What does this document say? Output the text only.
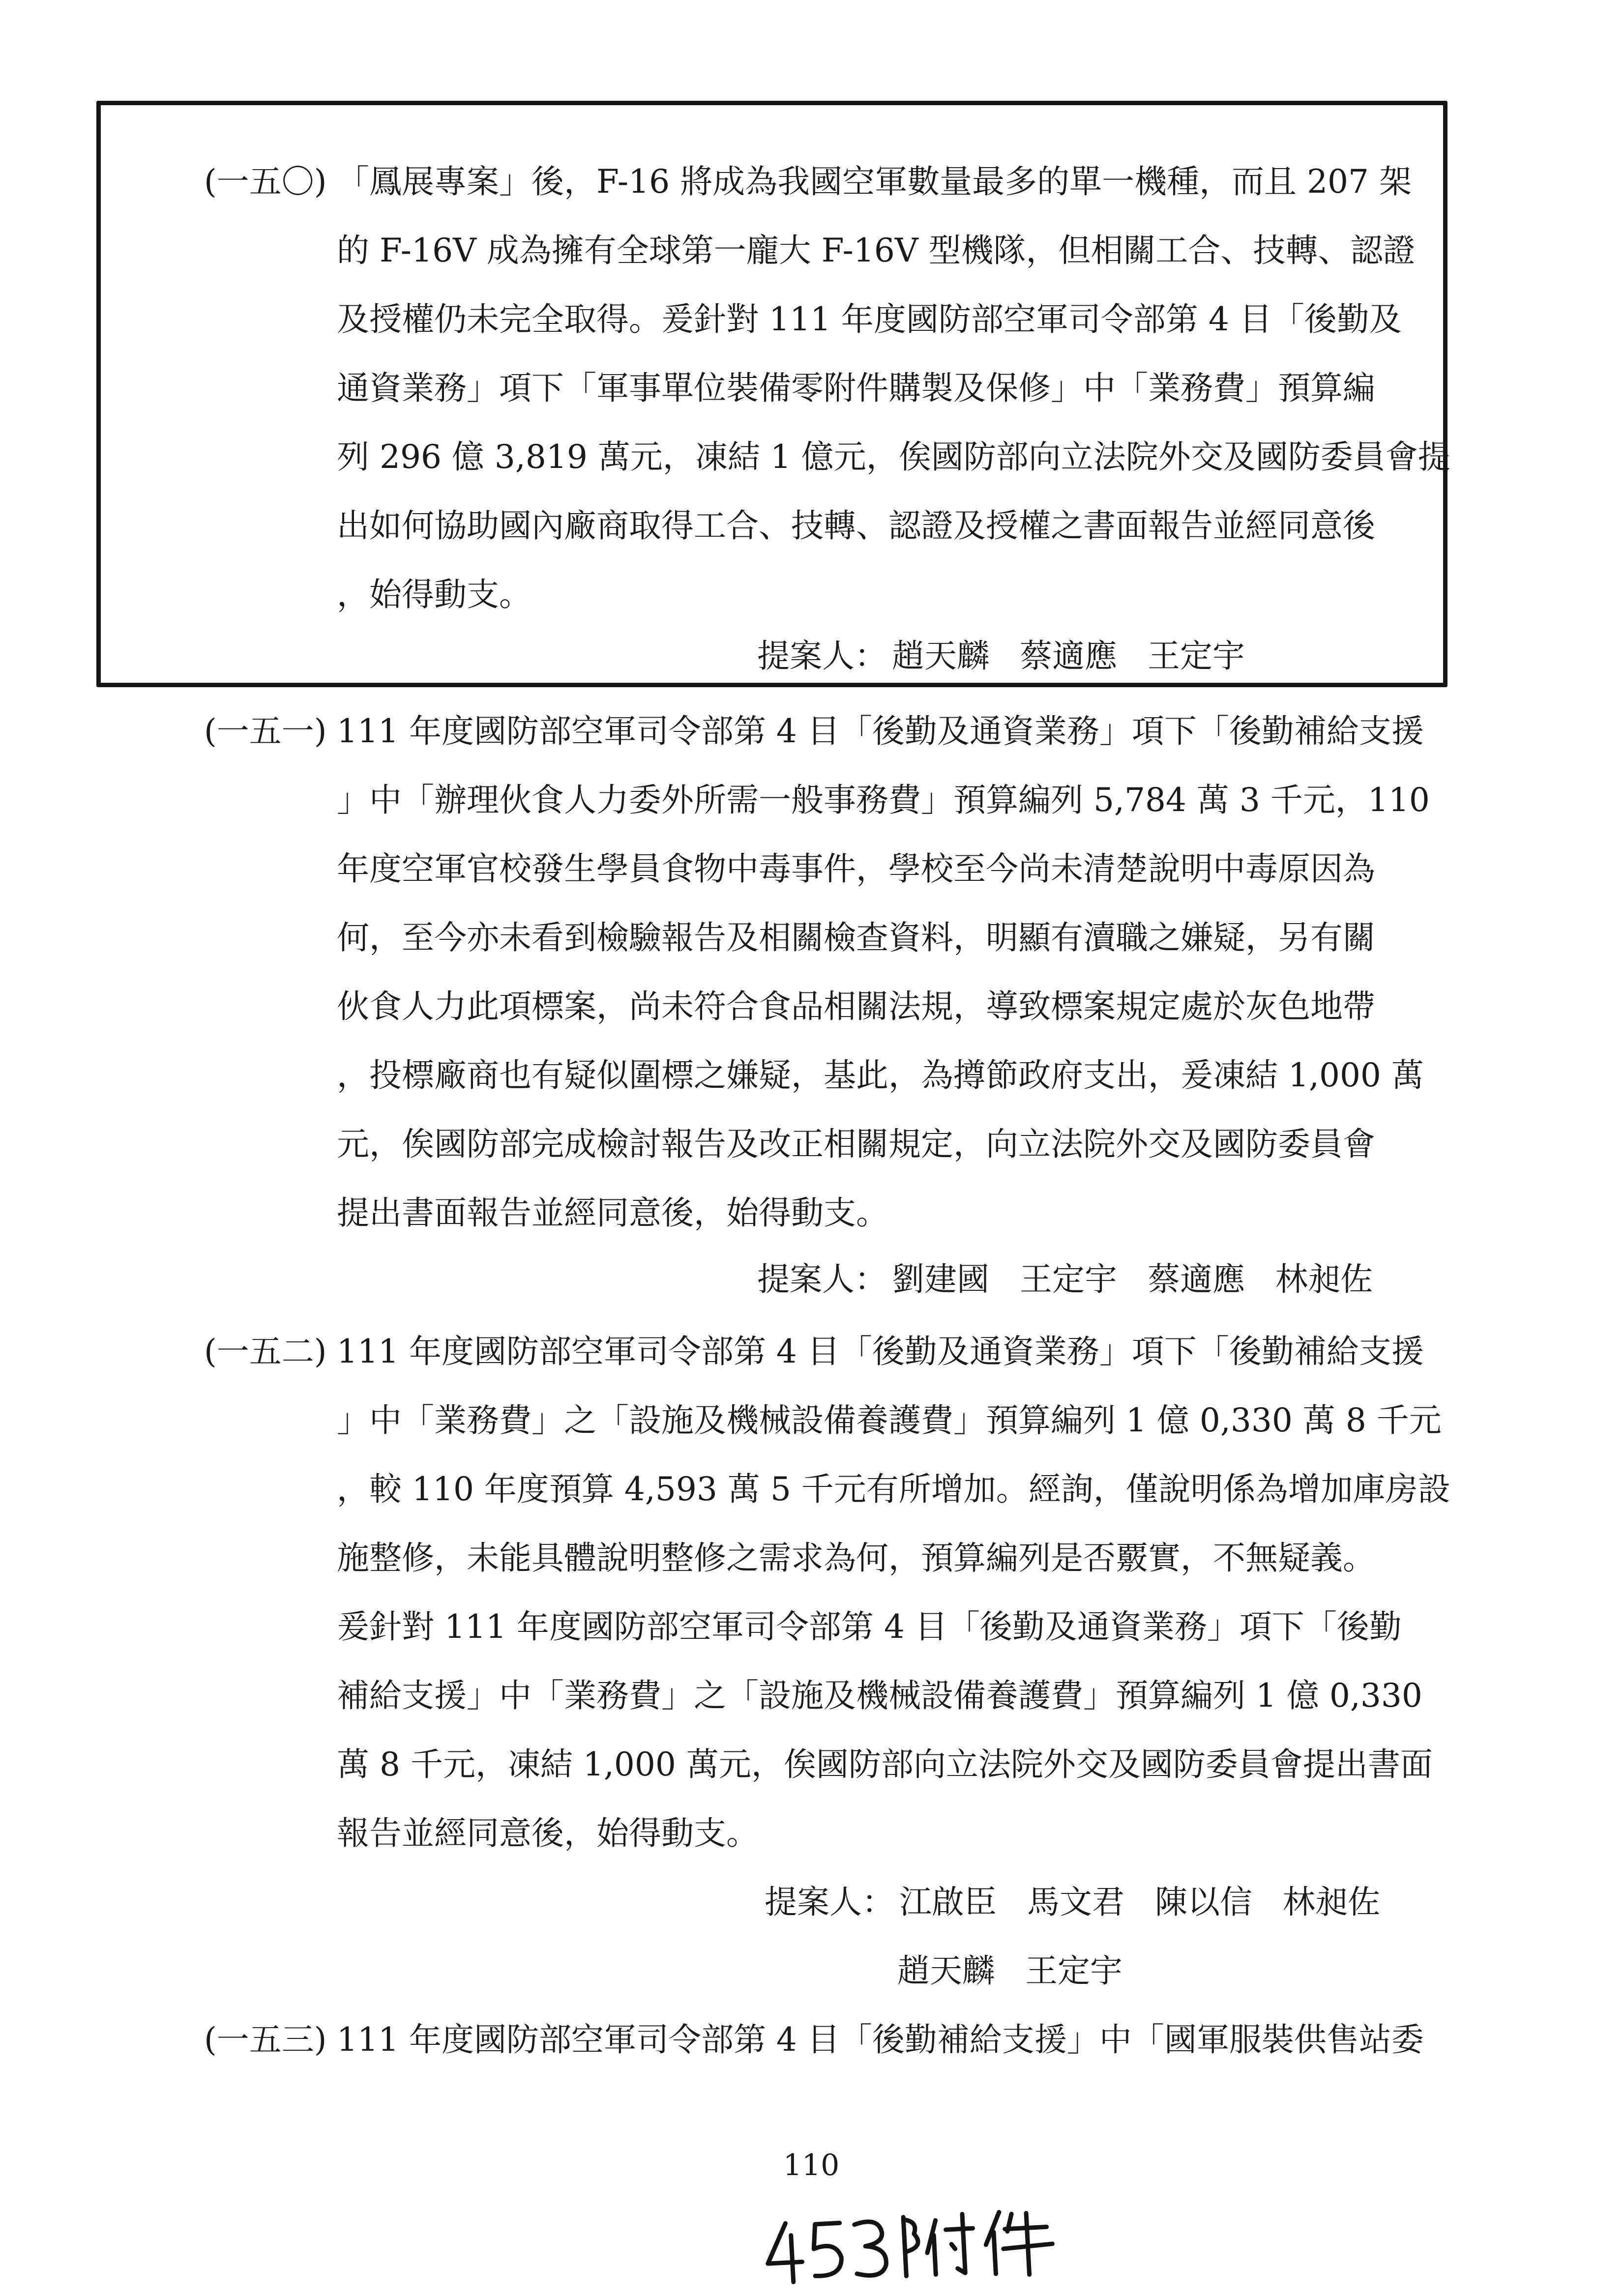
(一五〇) 「鳳展專案」後，F-16 將成為我國空軍數量最多的單一機種，而且 207 架
的 F-16V 成為擁有全球第一龐大 F-16V 型機隊，但相關工合、技轉、認證
及授權仍未完全取得。爰針對 111 年度國防部空軍司令部第 4 目「後勤及
通資業務」項下「軍事單位裝備零附件購製及保修」中「業務費」預算編
列 296 億 3,819 萬元，凍結 1 億元，俟國防部向立法院外交及國防委員會提
出如何協助國內廠商取得工合、技轉、認證及授權之書面報告並經同意後
，始得動支。
提案人： 趙天麟 蔡適應 王定宇
(一五一) 111 年度國防部空軍司令部第 4 目「後勤及通資業務」項下「後勤補給支援
」中「辦理伙食人力委外所需一般事務費」預算編列 5,784 萬 3 千元，110
年度空軍官校發生學員食物中毒事件，學校至今尚未清楚說明中毒原因為
何，至今亦未看到檢驗報告及相關檢查資料，明顯有瀆職之嫌疑，另有關
伙食人力此項標案，尚未符合食品相關法規，導致標案規定處於灰色地帶
，投標廠商也有疑似圍標之嫌疑，基此，為撙節政府支出，爰凍結 1,000 萬
元，俟國防部完成檢討報告及改正相關規定，向立法院外交及國防委員會
提出書面報告並經同意後，始得動支。
提案人： 劉建國 王定宇 蔡適應 林昶佐
(一五二) 111 年度國防部空軍司令部第 4 目「後勤及通資業務」項下「後勤補給支援
」中「業務費」之「設施及機械設備養護費」預算編列 1 億 0,330 萬 8 千元
，較 110 年度預算 4,593 萬 5 千元有所增加。經詢，僅說明係為增加庫房設
施整修，未能具體說明整修之需求為何，預算編列是否覈實，不無疑義。
爰針對 111 年度國防部空軍司令部第 4 目「後勤及通資業務」項下「後勤
補給支援」中「業務費」之「設施及機械設備養護費」預算編列 1 億 0,330
萬 8 千元，凍結 1,000 萬元，俟國防部向立法院外交及國防委員會提出書面
報告並經同意後，始得動支。
提案人： 江啟臣 馬文君 陳以信 林昶佐
趙天麟 王定宇
(一五三) 111 年度國防部空軍司令部第 4 目「後勤補給支援」中「國軍服裝供售站委
110
